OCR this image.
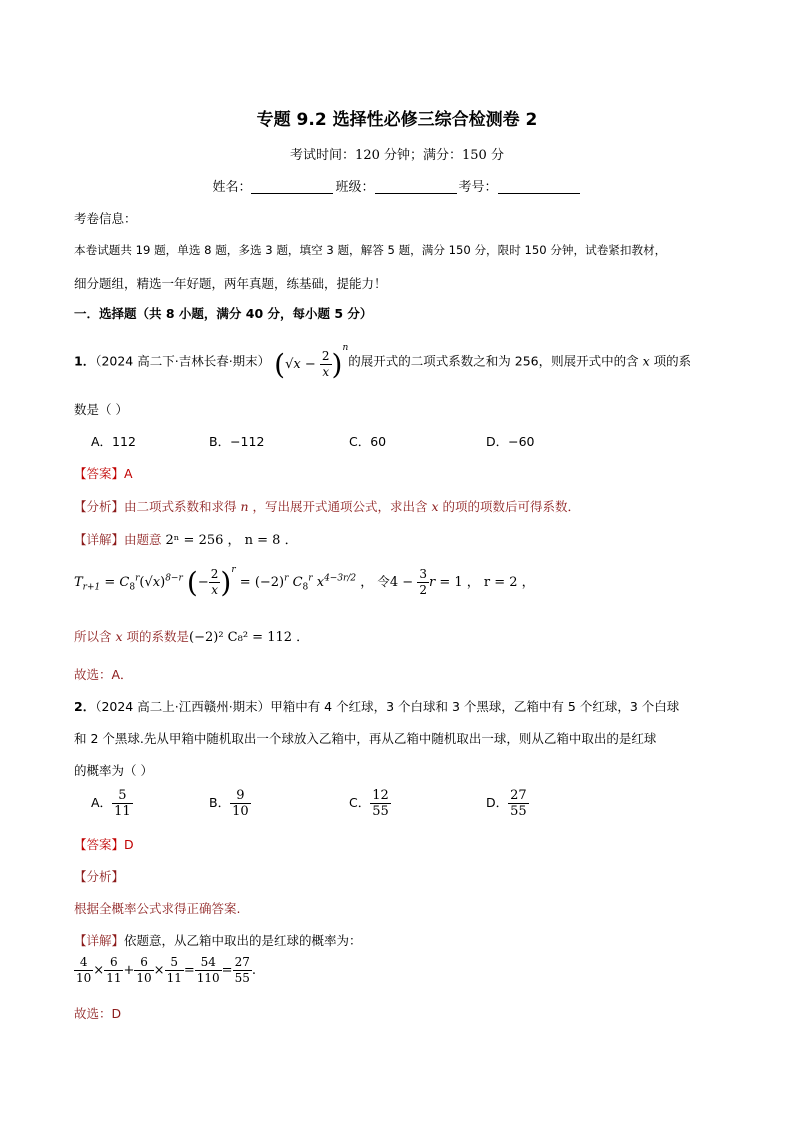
专题 9.2 选择性必修三综合检测卷 2
考试时间：120 分钟；满分：150 分
姓名：	班级：	考号：
考卷信息：
本卷试题共 19 题，单选 8 题，多选 3 题，填空 3 题，解答 5 题，满分 150 分，限时 150 分钟，试卷紧扣教材，
细分题组，精选一年好题，两年真题，练基础，提能力！
一．选择题（共 8 小题，满分 40 分，每小题 5 分）
1．（2024 高二下·吉林长春·期末） $(√x - \frac{2}{x} )^n$的展开式的二项式系数之和为 256，则展开式中的含 x 项的系
数是（ ）
A．112	B．−112	C．60	D．−60
【答案】A
【分析】由二项式系数和求得 n ，写出展开式通项公式，求出含 x 的项的项数后可得系数．
【详解】由题意 2ⁿ = 256 ， n = 8 ．
$T_{r+1} = C_8^r(√x)^{8-r}$ (− $\frac{2}{x} )^r = (-2)^r$ $C_8^r$ $x^{4-3r/2}$ ， 令$4 - \frac{3}{2}$ r = 1 ， r = 2 ，
所以含 x 项的系数是(−2)² C₈² = 112 ．
故选：A．
2．（2024 高二上·江西赣州·期末）甲箱中有 4 个红球，3 个白球和 3 个黑球，乙箱中有 5 个红球，3 个白球
和 2 个黑球.先从甲箱中随机取出一个球放入乙箱中，再从乙箱中随机取出一球，则从乙箱中取出的是红球
的概率为（ ）
A． $\frac{5}{11}$	B． $\frac{9}{10}$	C． $\frac{12}{55}$	D． $\frac{27}{55}$
【答案】D
【分析】
根据全概率公式求得正确答案.
【详解】依题意，从乙箱中取出的是红球的概率为：
$\frac{4}{10} \times \frac{6}{11} + \frac{6}{10} \times \frac{5}{11} = \frac{54}{110} = \frac{27}{55}$ .
故选：D
